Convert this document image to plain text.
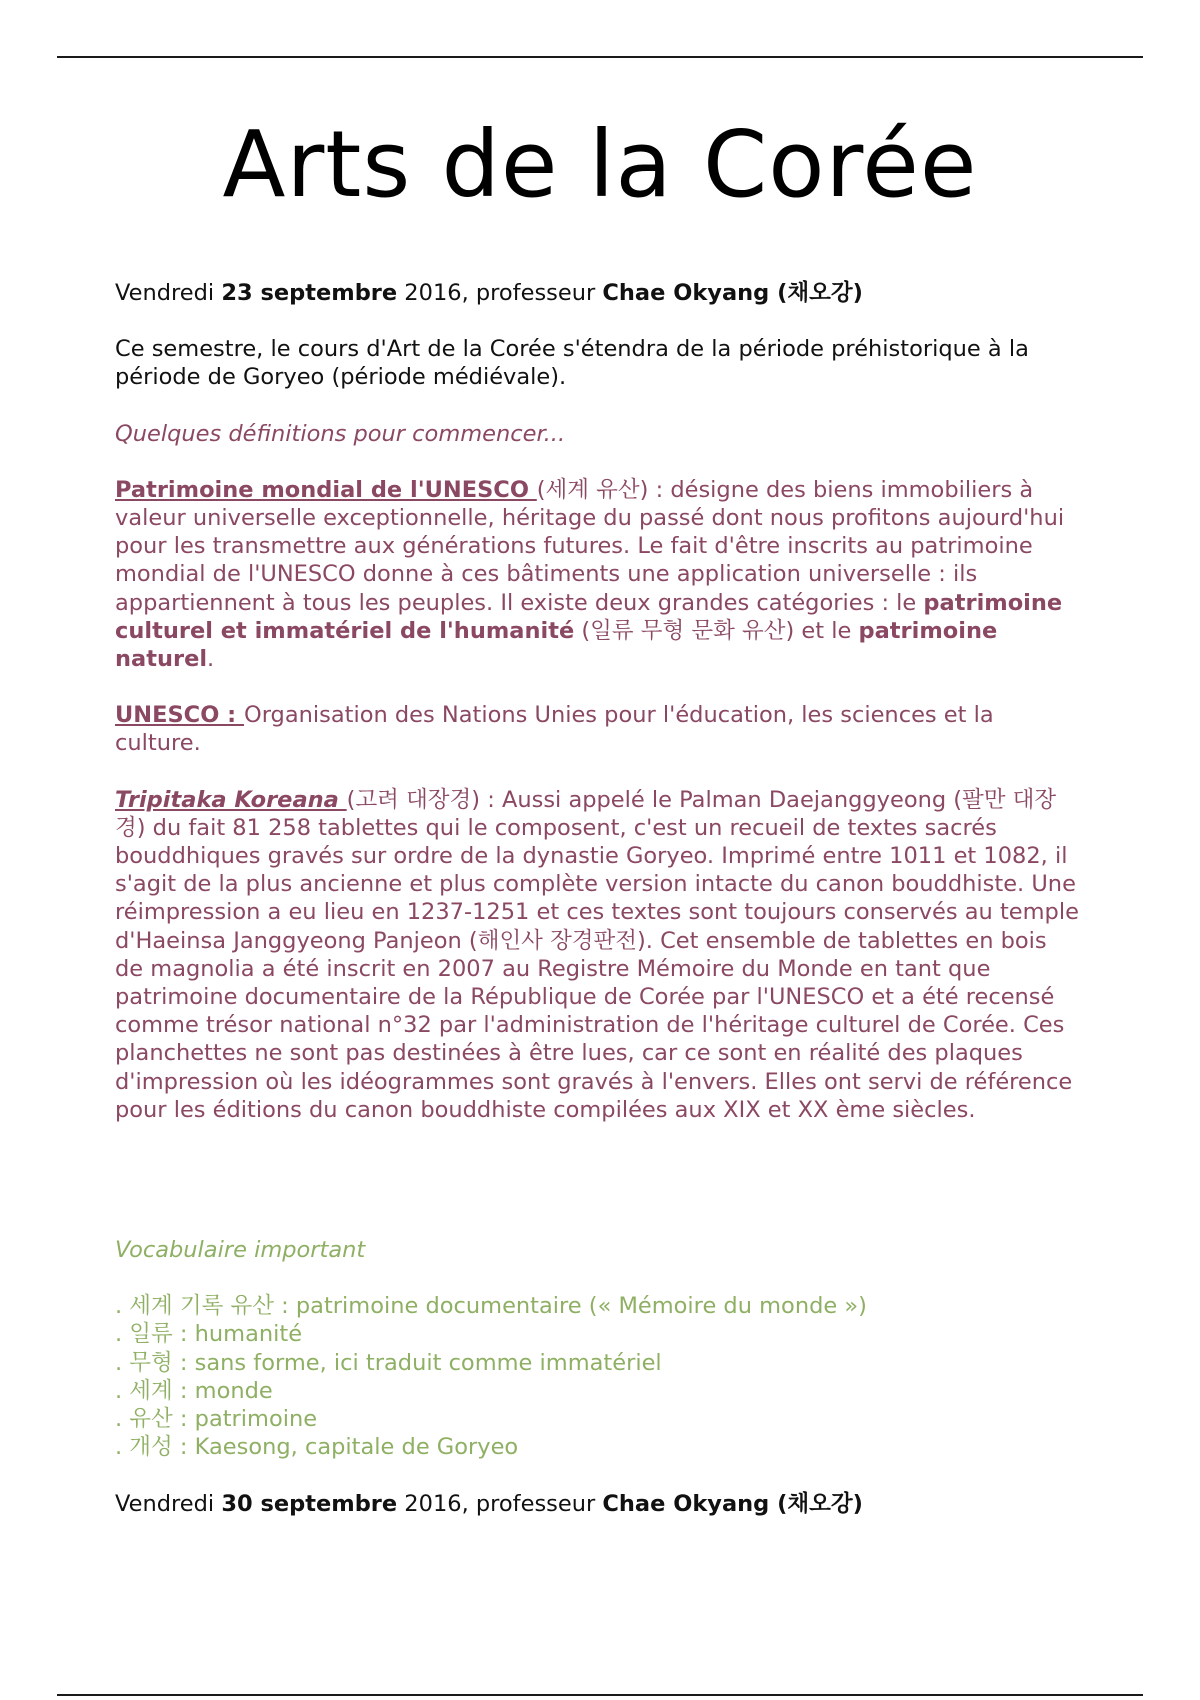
Arts de la Corée

Vendredi 23 septembre 2016, professeur Chae Okyang (채오강)

Ce semestre, le cours d'Art de la Corée s'étendra de la période préhistorique à la période de Goryeo (période médiévale).

Quelques définitions pour commencer...

Patrimoine mondial de l'UNESCO (세계 유산) : désigne des biens immobiliers à valeur universelle exceptionnelle, héritage du passé dont nous profitons aujourd'hui pour les transmettre aux générations futures. Le fait d'être inscrits au patrimoine mondial de l'UNESCO donne à ces bâtiments une application universelle : ils appartiennent à tous les peuples. Il existe deux grandes catégories : le patrimoine culturel et immatériel de l'humanité (일류 무형 문화 유산) et le patrimoine naturel.

UNESCO : Organisation des Nations Unies pour l'éducation, les sciences et la culture.

Tripitaka Koreana (고려 대장경) : Aussi appelé le Palman Daejanggyeong (팔만 대장경) du fait 81 258 tablettes qui le composent, c'est un recueil de textes sacrés bouddhiques gravés sur ordre de la dynastie Goryeo. Imprimé entre 1011 et 1082, il s'agit de la plus ancienne et plus complète version intacte du canon bouddhiste. Une réimpression a eu lieu en 1237-1251 et ces textes sont toujours conservés au temple d'Haeinsa Janggyeong Panjeon (해인사 장경판전). Cet ensemble de tablettes en bois de magnolia a été inscrit en 2007 au Registre Mémoire du Monde en tant que patrimoine documentaire de la République de Corée par l'UNESCO et a été recensé comme trésor national n°32 par l'administration de l'héritage culturel de Corée. Ces planchettes ne sont pas destinées à être lues, car ce sont en réalité des plaques d'impression où les idéogrammes sont gravés à l'envers. Elles ont servi de référence pour les éditions du canon bouddhiste compilées aux XIX et XX ème siècles.

Vocabulaire important

. 세계 기록 유산 : patrimoine documentaire (« Mémoire du monde »)

. 일류 : humanité

. 무형 : sans forme, ici traduit comme immatériel

. 세계 : monde

. 유산 : patrimoine

. 개성 : Kaesong, capitale de Goryeo

Vendredi 30 septembre 2016, professeur Chae Okyang (채오강)
